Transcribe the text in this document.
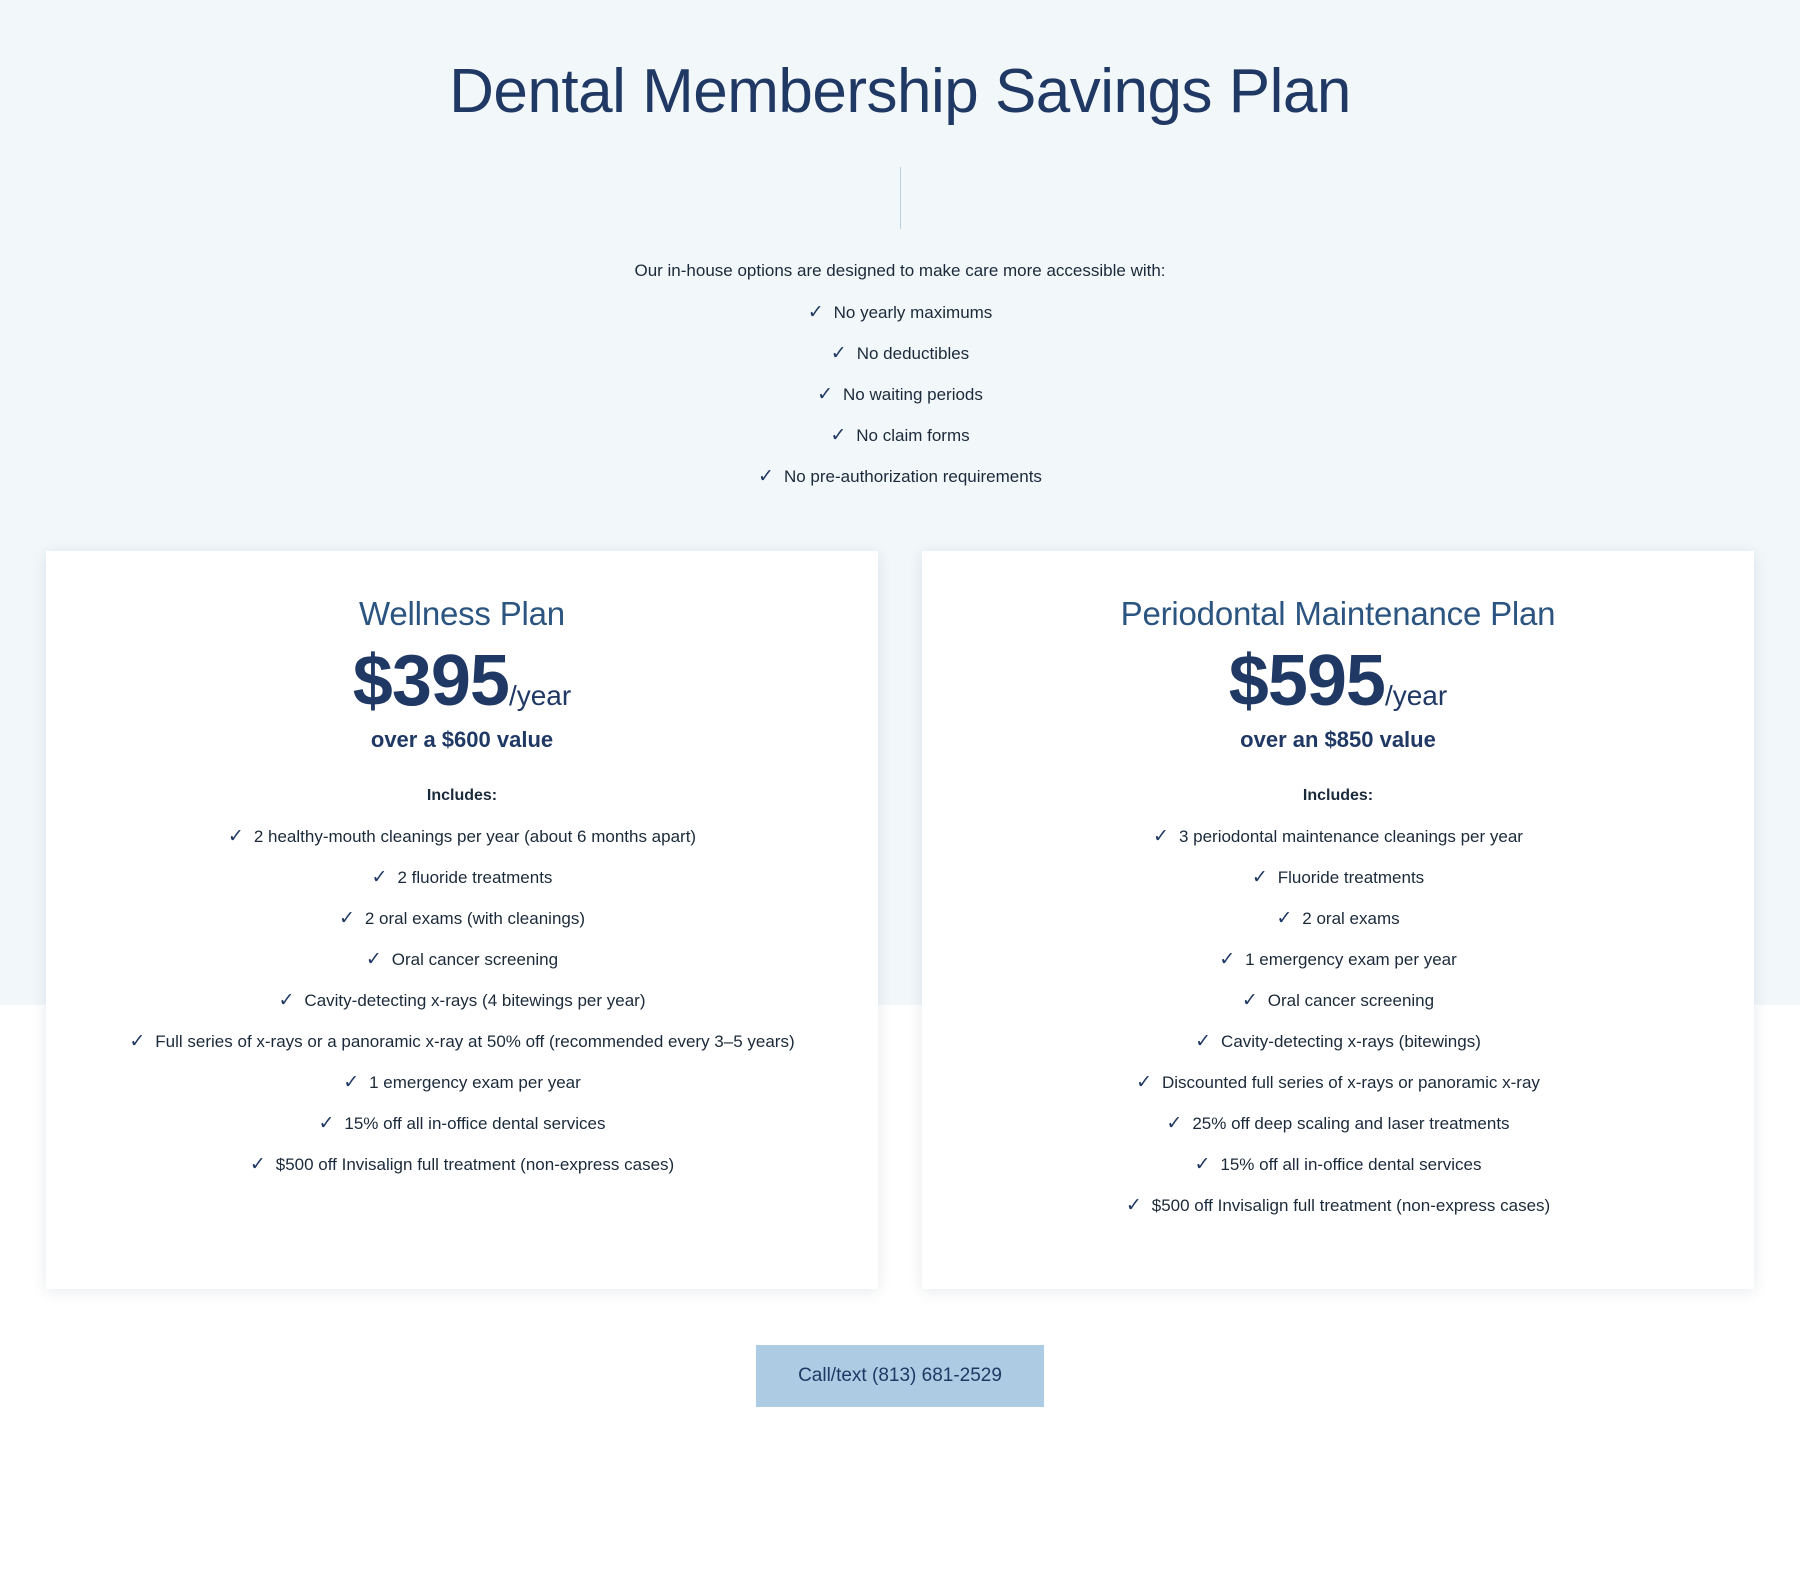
Dental Membership Savings Plan
Our in-house options are designed to make care more accessible with:
✓ No yearly maximums
✓ No deductibles
✓ No waiting periods
✓ No claim forms
✓ No pre-authorization requirements
Wellness Plan
$395/year
over a $600 value
Includes:
✓ 2 healthy-mouth cleanings per year (about 6 months apart)
✓ 2 fluoride treatments
✓ 2 oral exams (with cleanings)
✓ Oral cancer screening
✓ Cavity-detecting x-rays (4 bitewings per year)
✓ Full series of x-rays or a panoramic x-ray at 50% off (recommended every 3–5 years)
✓ 1 emergency exam per year
✓ 15% off all in-office dental services
✓ $500 off Invisalign full treatment (non-express cases)
Periodontal Maintenance Plan
$595/year
over an $850 value
Includes:
✓ 3 periodontal maintenance cleanings per year
✓ Fluoride treatments
✓ 2 oral exams
✓ 1 emergency exam per year
✓ Oral cancer screening
✓ Cavity-detecting x-rays (bitewings)
✓ Discounted full series of x-rays or panoramic x-ray
✓ 25% off deep scaling and laser treatments
✓ 15% off all in-office dental services
✓ $500 off Invisalign full treatment (non-express cases)
Call/text (813) 681-2529
